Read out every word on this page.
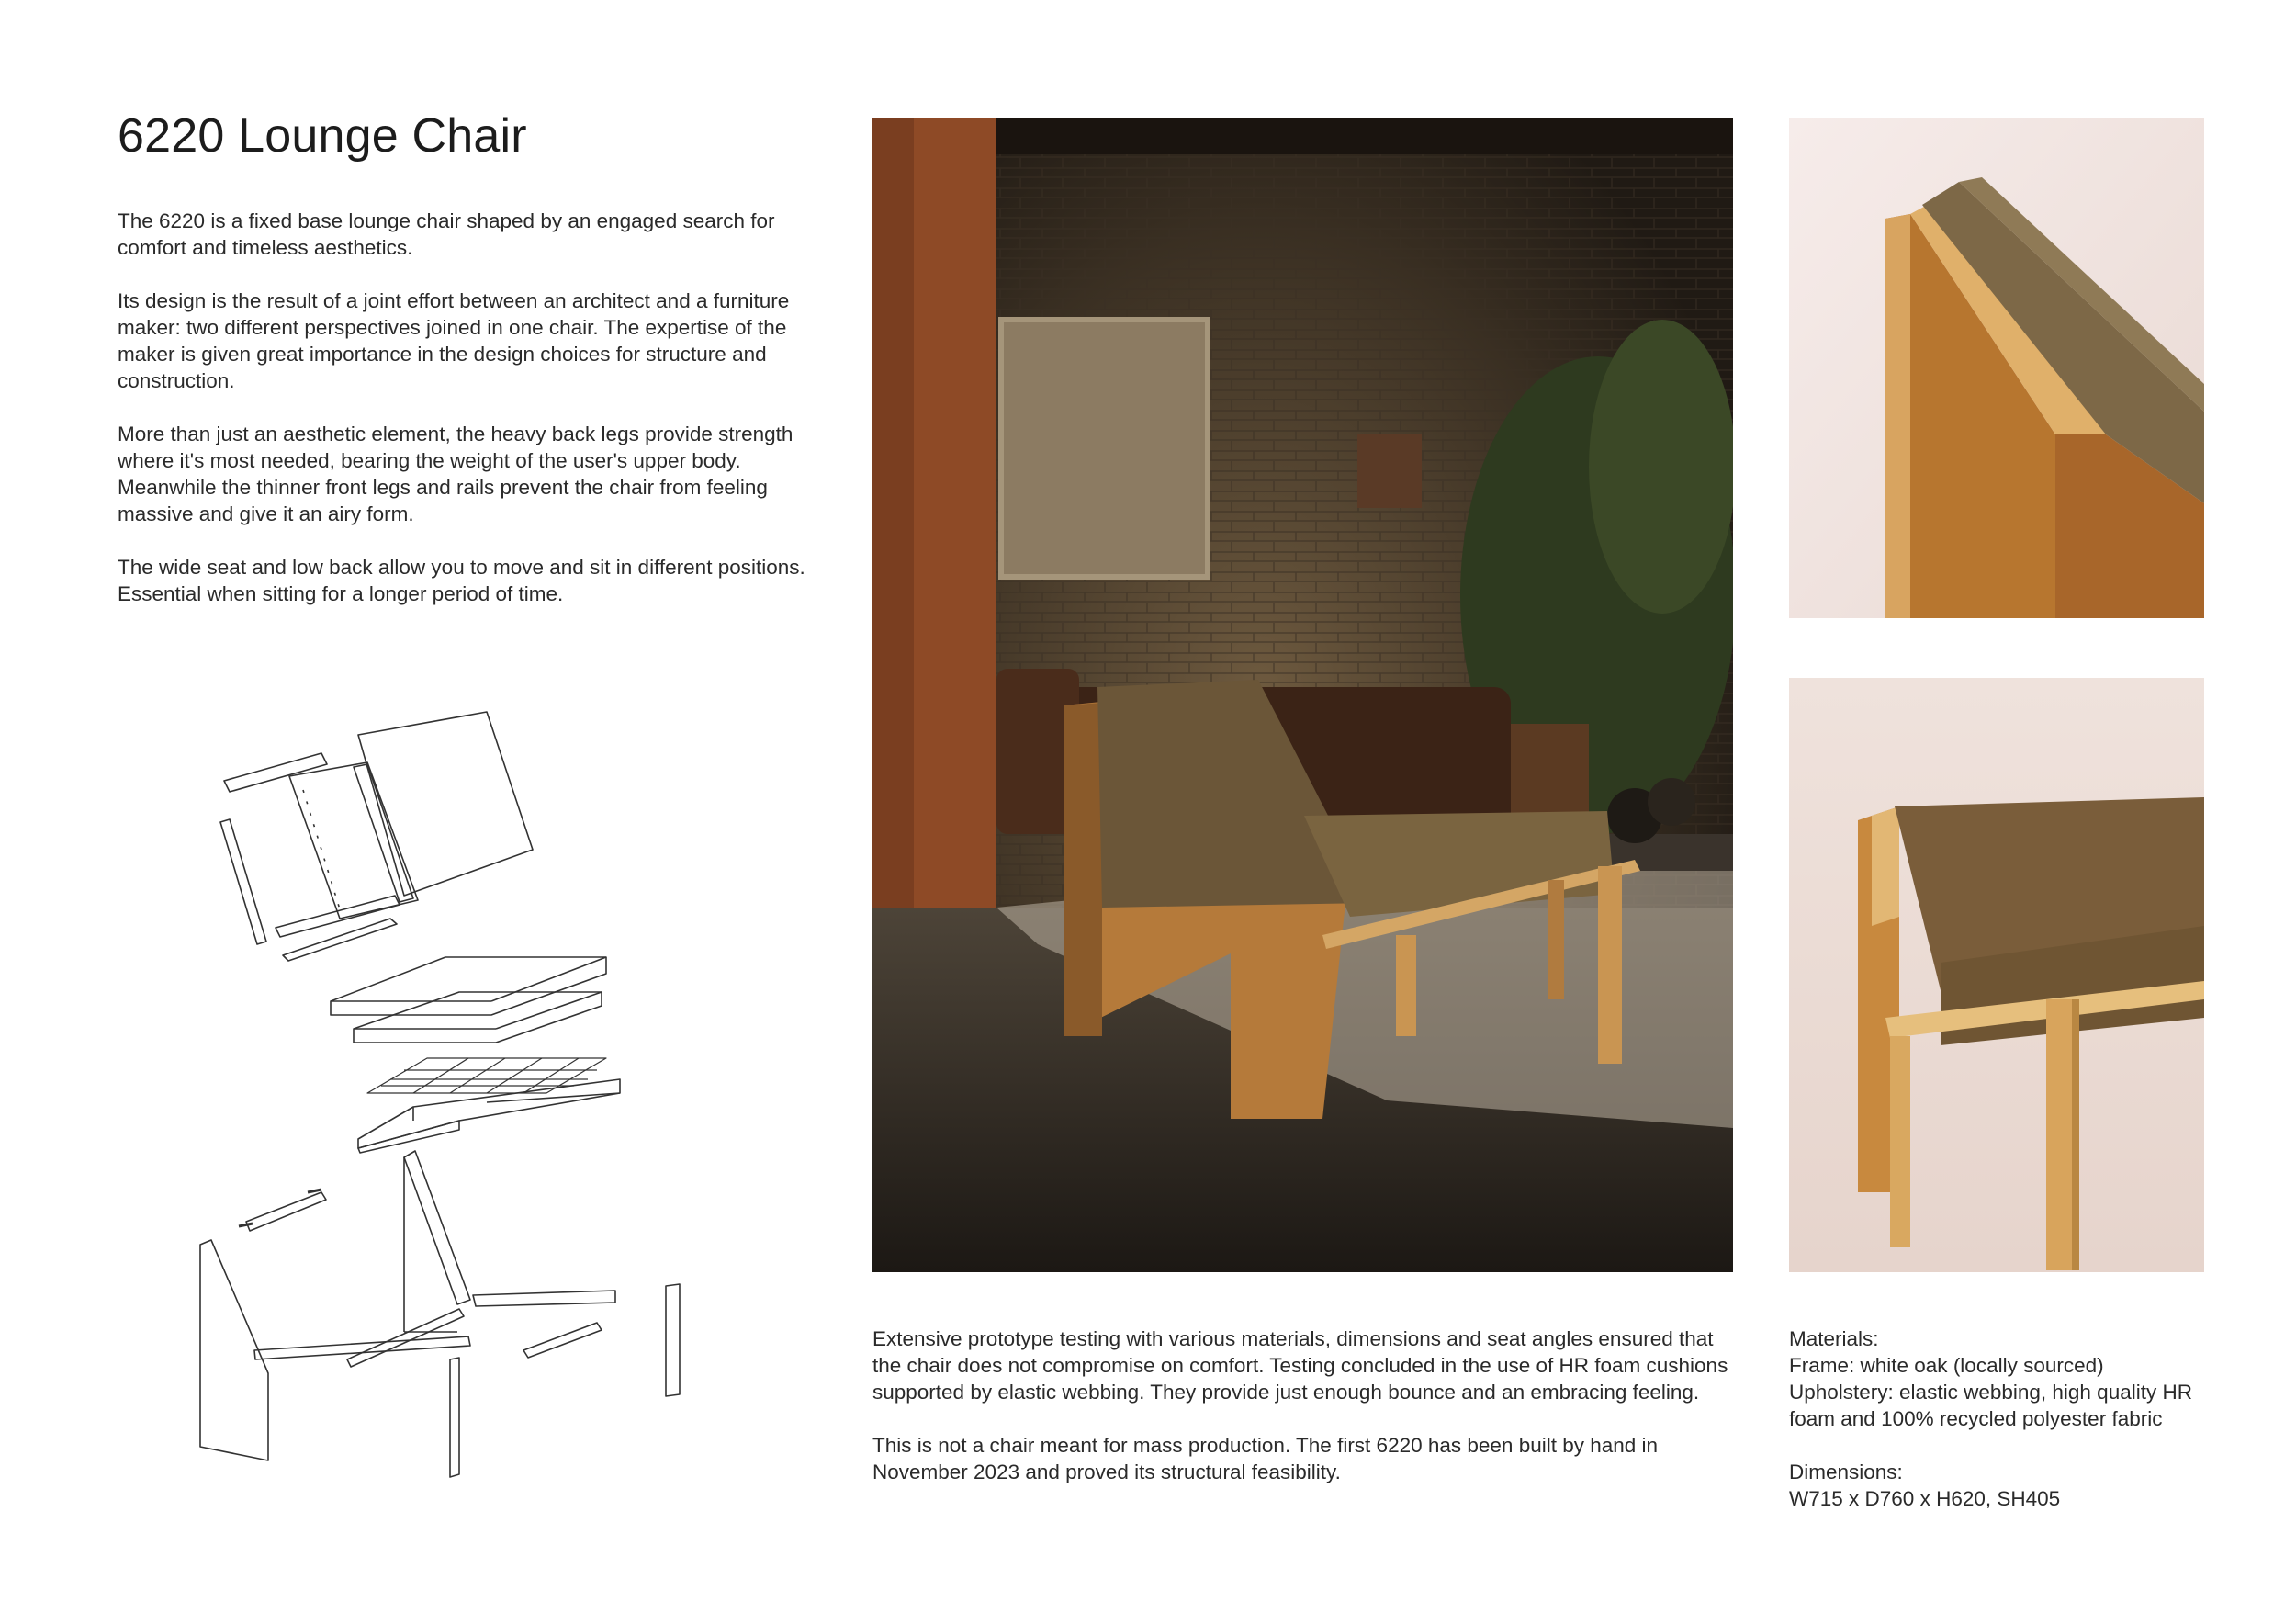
6220 Lounge Chair

The 6220 is a fixed base lounge chair shaped by an engaged search for comfort and timeless aesthetics.

Its design is the result of a joint effort between an architect and a furniture maker: two different perspectives joined in one chair. The expertise of the maker is given great importance in the design choices for structure and construction.

More than just an aesthetic element, the heavy back legs provide strength where it's most needed, bearing the weight of the user's upper body. Meanwhile the thinner front legs and rails prevent the chair from feeling massive and give it an airy form.

The wide seat and low back allow you to move and sit in different positions. Essential when sitting for a longer period of time.

Extensive prototype testing with various materials, dimensions and seat angles ensured that the chair does not compromise on comfort. Testing concluded in the use of HR foam cushions supported by elastic webbing. They provide just enough bounce and an embracing feeling.

This is not a chair meant for mass production. The first 6220 has been built by hand in November 2023 and proved its structural feasibility.

Materials:
Frame: white oak (locally sourced)
Upholstery: elastic webbing, high quality HR foam and 100% recycled polyester fabric
Dimensions:
W715 x D760 x H620, SH405
